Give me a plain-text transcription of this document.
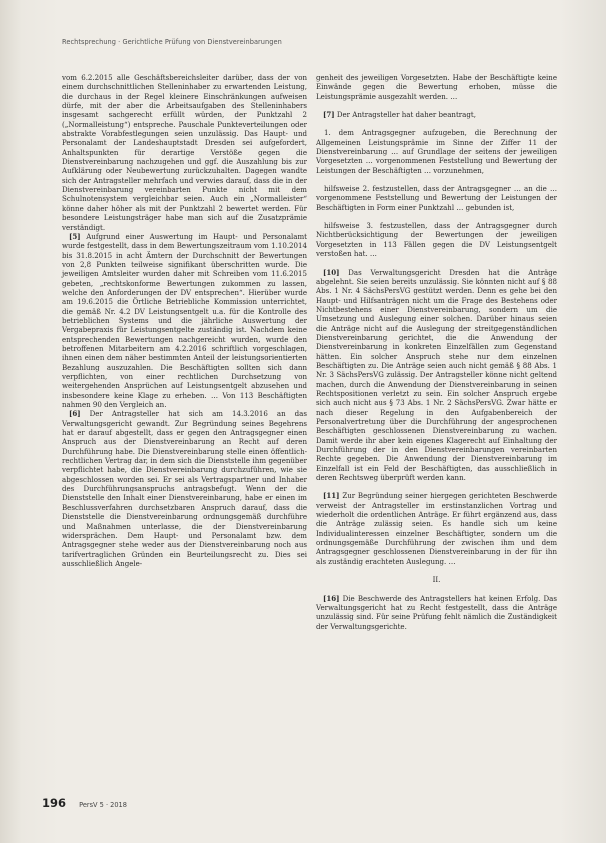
Rechtsprechung · Gerichtliche Prüfung von Dienstvereinbarungen

vom 6.2.2015 alle Geschäftsbereichsleiter darüber, dass der von einem durchschnittlichen Stelleninhaber zu erwartenden Leistung, die durchaus in der Regel kleinere Einschränkungen aufweisen dürfe, mit der aber die Arbeitsaufgaben des Stelleninhabers insgesamt sachgerecht erfüllt würden, der Punktzahl 2 („Normalleistung“) entspreche. Pauschale Punkteverteilungen oder abstrakte Vorabfestlegungen seien unzulässig. Das Haupt- und Personalamt der Landeshauptstadt Dresden sei aufgefordert, Anhaltspunkten für derartige Verstöße gegen die Dienstvereinbarung nachzugehen und ggf. die Auszahlung bis zur Aufklärung oder Neubewertung zurückzuhalten. Dagegen wandte sich der Antragsteller mehrfach und verwies darauf, dass die in der Dienstvereinbarung vereinbarten Punkte nicht mit dem Schulnotensystem vergleichbar seien. Auch ein „Normalleister“ könne daher höher als mit der Punktzahl 2 bewertet werden. Für besondere Leistungsträger habe man sich auf die Zusatzprämie verständigt.

[5] Aufgrund einer Auswertung im Haupt- und Personalamt wurde festgestellt, dass in dem Bewertungszeitraum vom 1.10.2014 bis 31.8.2015 in acht Ämtern der Durchschnitt der Bewertungen von 2,8 Punkten teilweise signifikant überschritten wurde. Die jeweiligen Amtsleiter wurden daher mit Schreiben vom 11.6.2015 gebeten, „rechtskonforme Bewertungen zukommen zu lassen, welche den Anforderungen der DV entsprechen“. Hierüber wurde am 19.6.2015 die Örtliche Betriebliche Kommission unterrichtet, die gemäß Nr. 4.2 DV Leistungsentgelt u.a. für die Kontrolle des betrieblichen Systems und die jährliche Auswertung der Vergabepraxis für Leistungsentgelte zuständig ist. Nachdem keine entsprechenden Bewertungen nachgereicht wurden, wurde den betroffenen Mitarbeitern am 4.2.2016 schriftlich vorgeschlagen, ihnen einen dem näher bestimmten Anteil der leistungsorientierten Bezahlung auszuzahlen. Die Beschäftigten sollten sich dann verpflichten, von einer rechtlichen Durchsetzung von weitergehenden Ansprüchen auf Leistungsentgelt abzusehen und insbesondere keine Klage zu erheben. … Von 113 Beschäftigten nahmen 90 den Vergleich an.

[6] Der Antragsteller hat sich am 14.3.2016 an das Verwaltungsgericht gewandt. Zur Begründung seines Begehrens hat er darauf abgestellt, dass er gegen den Antragsgegner einen Anspruch aus der Dienstvereinbarung an Recht auf deren Durchführung habe. Die Dienstvereinbarung stelle einen öffentlich-rechtlichen Vertrag dar, in dem sich die Dienststelle ihm gegenüber verpflichtet habe, die Dienstvereinbarung durchzuführen, wie sie abgeschlossen worden sei. Er sei als Vertragspartner und Inhaber des Durchführungsanspruchs antragsbefugt. Wenn der die Dienststelle den Inhalt einer Dienstvereinbarung, habe er einen im Beschlussverfahren durchsetzbaren Anspruch darauf, dass die Dienststelle die Dienstvereinbarung ordnungsgemäß durchführe und Maßnahmen unterlasse, die der Dienstvereinbarung widersprächen. Dem Haupt- und Personalamt bzw. dem Antragsgegner stehe weder aus der Dienstvereinbarung noch aus tarifvertraglichen Gründen ein Beurteilungsrecht zu. Dies sei ausschließlich Angele-

genheit des jeweiligen Vorgesetzten. Habe der Beschäftigte keine Einwände gegen die Bewertung erhoben, müsse die Leistungsprämie ausgezahlt werden. …

[7] Der Antragsteller hat daher beantragt,

1. dem Antragsgegner aufzugeben, die Berechnung der Allgemeinen Leistungsprämie im Sinne der Ziffer 11 der Dienstvereinbarung … auf Grundlage der seitens der jeweiligen Vorgesetzten … vorgenommenen Feststellung und Bewertung der Leistungen der Beschäftigten … vorzunehmen,

hilfsweise 2. festzustellen, dass der Antragsgegner … an die … vorgenommene Feststellung und Bewertung der Leistungen der Beschäftigten in Form einer Punktzahl … gebunden ist,

hilfsweise 3. festzustellen, dass der Antragsgegner durch Nichtberücksichtigung der Bewertungen der jeweiligen Vorgesetzten in 113 Fällen gegen die DV Leistungsentgelt verstoßen hat. …

[10] Das Verwaltungsgericht Dresden hat die Anträge abgelehnt. Sie seien bereits unzulässig. Sie könnten nicht auf § 88 Abs. 1 Nr. 4 SächsPersVG gestützt werden. Denn es gehe bei den Haupt- und Hilfsanträgen nicht um die Frage des Bestehens oder Nichtbestehens einer Dienstvereinbarung, sondern um die Umsetzung und Auslegung einer solchen. Darüber hinaus seien die Anträge nicht auf die Auslegung der streitgegenständlichen Dienstvereinbarung gerichtet, die die Anwendung der Dienstvereinbarung in konkreten Einzelfällen zum Gegenstand hätten. Ein solcher Anspruch stehe nur dem einzelnen Beschäftigten zu. Die Anträge seien auch nicht gemäß § 88 Abs. 1 Nr. 3 SächsPersVG zulässig. Der Antragsteller könne nicht geltend machen, durch die Anwendung der Dienstvereinbarung in seinen Rechtspositionen verletzt zu sein. Ein solcher Anspruch ergebe sich auch nicht aus § 73 Abs. 1 Nr. 2 SächsPersVG. Zwar hätte er nach dieser Regelung in den Aufgabenbereich der Personalvertretung über die Durchführung der angesprochenen Beschäftigten geschlossenen Dienstvereinbarung zu wachen. Damit werde ihr aber kein eigenes Klagerecht auf Einhaltung der Durchführung der in den Dienstvereinbarungen vereinbarten Rechte gegeben. Die Anwendung der Dienstvereinbarung im Einzelfall ist ein Feld der Beschäftigten, das ausschließlich in deren Rechtsweg überprüft werden kann.

[11] Zur Begründung seiner hiergegen gerichteten Beschwerde verweist der Antragsteller im erstinstanzlichen Vortrag und wiederholt die ordentlichen Anträge. Er führt ergänzend aus, dass die Anträge zulässig seien. Es handle sich um keine Individualinteressen einzelner Beschäftigter, sondern um die ordnungsgemäße Durchführung der zwischen ihm und dem Antragsgegner geschlossenen Dienstvereinbarung in der für ihn als zuständig erachteten Auslegung. …

II.

[16] Die Beschwerde des Antragstellers hat keinen Erfolg. Das Verwaltungsgericht hat zu Recht festgestellt, dass die Anträge unzulässig sind. Für seine Prüfung fehlt nämlich die Zuständigkeit der Verwaltungsgerichte.

196 PersV 5 · 2018
